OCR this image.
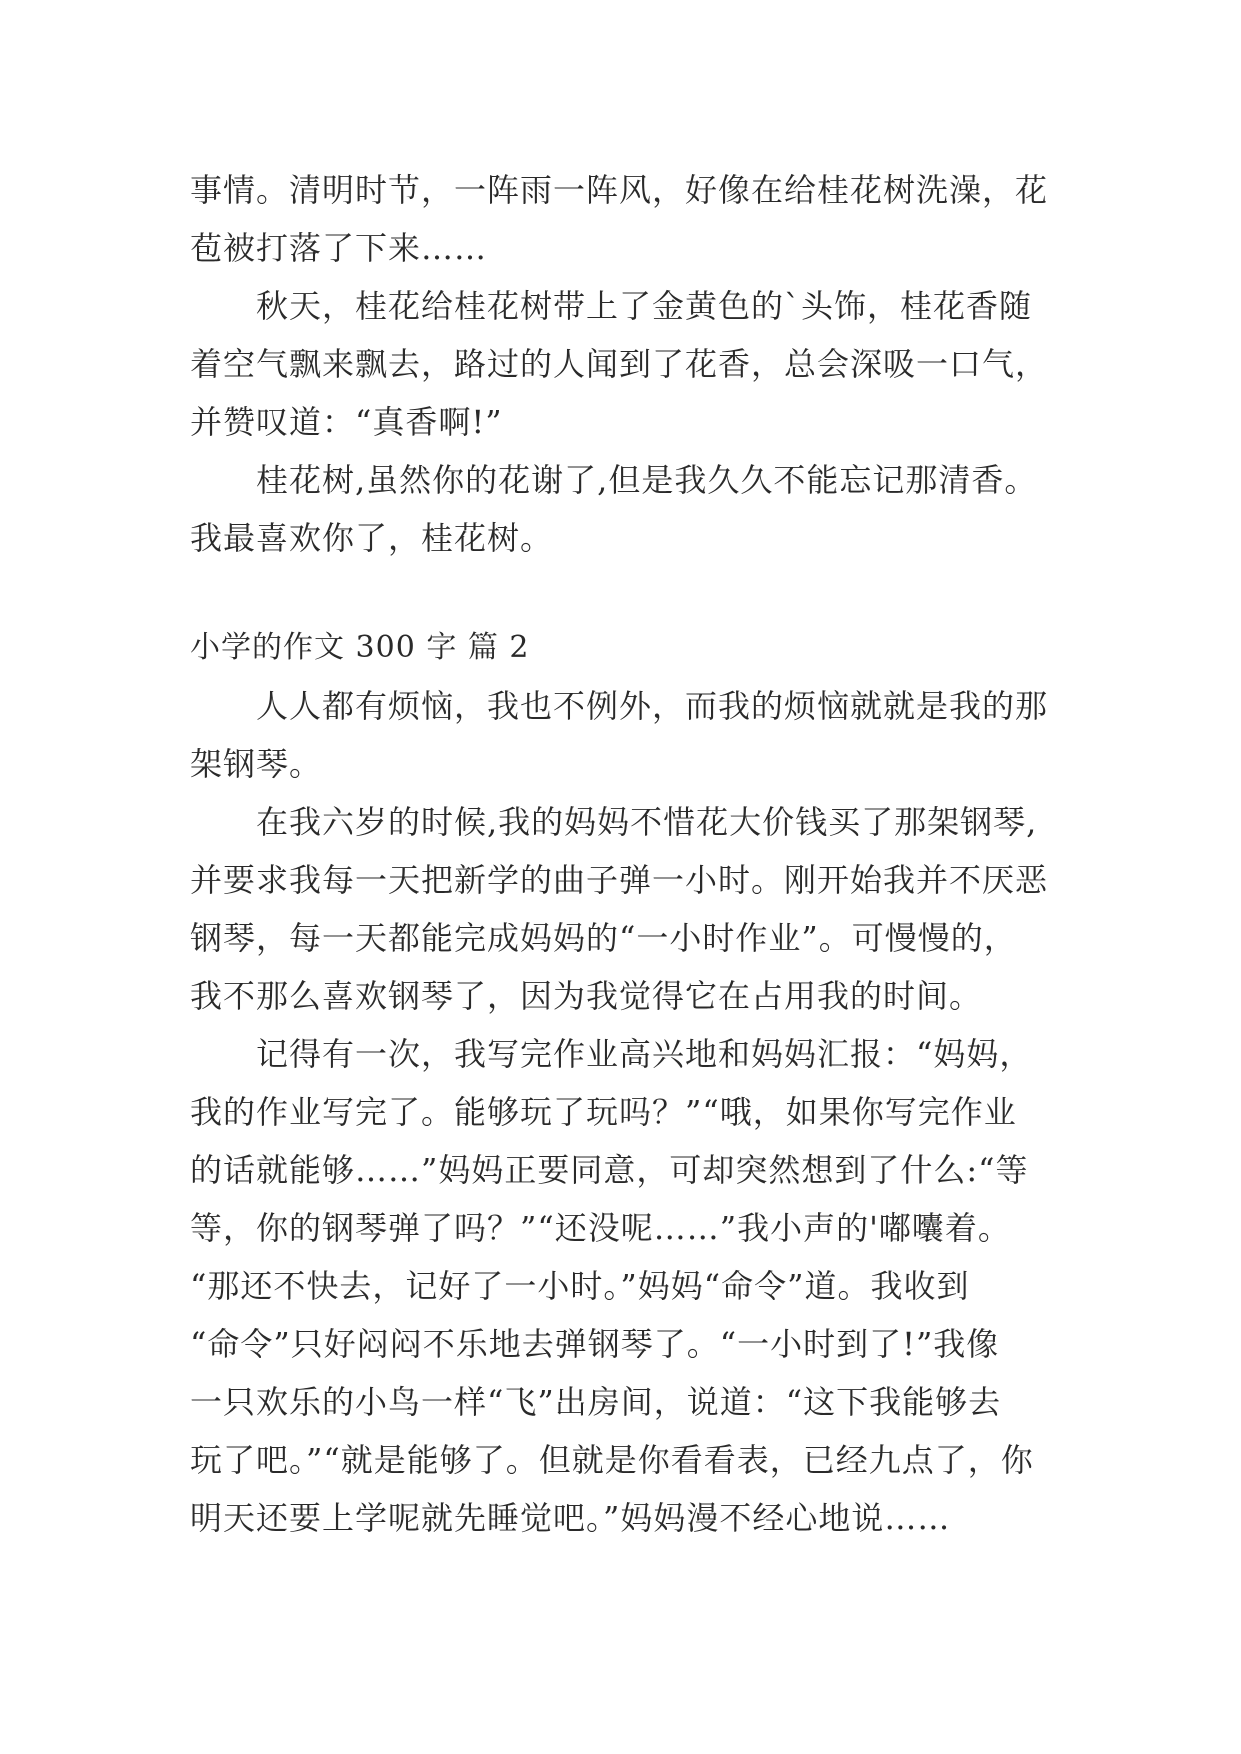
事情。清明时节，一阵雨一阵风，好像在给桂花树洗澡，花
苞被打落了下来……
秋天，桂花给桂花树带上了金黄色的`头饰，桂花香随
着空气飘来飘去，路过的人闻到了花香，总会深吸一口气，
并赞叹道：“真香啊!”
桂花树,虽然你的花谢了,但是我久久不能忘记那清香。
我最喜欢你了，桂花树。
小学的作文 300 字 篇 2
人人都有烦恼，我也不例外，而我的烦恼就就是我的那
架钢琴。
在我六岁的时候,我的妈妈不惜花大价钱买了那架钢琴,
并要求我每一天把新学的曲子弹一小时。刚开始我并不厌恶
钢琴，每一天都能完成妈妈的“一小时作业”。可慢慢的，
我不那么喜欢钢琴了，因为我觉得它在占用我的时间。
记得有一次，我写完作业高兴地和妈妈汇报：“妈妈，
我的作业写完了。能够玩了玩吗？”“哦，如果你写完作业
的话就能够……”妈妈正要同意，可却突然想到了什么:“等
等，你的钢琴弹了吗？”“还没呢……”我小声的'嘟囔着。
“那还不快去，记好了一小时。”妈妈“命令”道。我收到
“命令”只好闷闷不乐地去弹钢琴了。“一小时到了!”我像
一只欢乐的小鸟一样“飞”出房间，说道：“这下我能够去
玩了吧。”“就是能够了。但就是你看看表，已经九点了，你
明天还要上学呢就先睡觉吧。”妈妈漫不经心地说……
